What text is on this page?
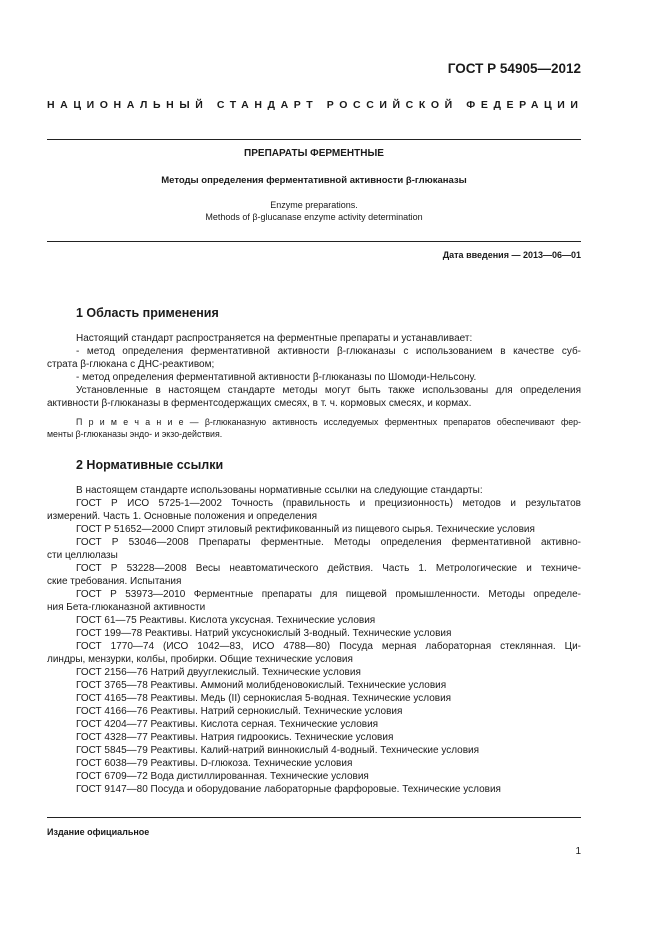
ГОСТ Р 54905—2012
НАЦИОНАЛЬНЫЙ СТАНДАРТ РОССИЙСКОЙ ФЕДЕРАЦИИ
ПРЕПАРАТЫ ФЕРМЕНТНЫЕ
Методы определения ферментативной активности β-глюканазы
Enzyme preparations.
Methods of β-glucanase enzyme activity determination
Дата введения — 2013—06—01
1 Область применения
Настоящий стандарт распространяется на ферментные препараты и устанавливает:
- метод определения ферментативной активности β-глюканазы с использованием в качестве суб-
страта β-глюкана с ДНС-реактивом;
- метод определения ферментативной активности β-глюканазы по Шомоди-Нельсону.
Установленные в настоящем стандарте методы могут быть также использованы для определения
активности β-глюканазы в ферментсодержащих смесях, в т. ч. кормовых смесях, и кормах.
П р и м е ч а н и е — β-глюканазную активность исследуемых ферментных препаратов обеспечивают фер-
менты β-глюканазы эндо- и экзо-действия.
2 Нормативные ссылки
В настоящем стандарте использованы нормативные ссылки на следующие стандарты:
ГОСТ Р ИСО 5725-1—2002 Точность (правильность и прецизионность) методов и результатов
измерений. Часть 1. Основные положения и определения
ГОСТ Р 51652—2000 Спирт этиловый ректификованный из пищевого сырья. Технические условия
ГОСТ Р 53046—2008 Препараты ферментные. Методы определения ферментативной активно-
сти целлюлазы
ГОСТ Р 53228—2008 Весы неавтоматического действия. Часть 1. Метрологические и техниче-
ские требования. Испытания
ГОСТ Р 53973—2010 Ферментные препараты для пищевой промышленности. Методы определе-
ния Бета-глюканазной активности
ГОСТ 61—75 Реактивы. Кислота уксусная. Технические условия
ГОСТ 199—78 Реактивы. Натрий уксуснокислый 3-водный. Технические условия
ГОСТ 1770—74 (ИСО 1042—83, ИСО 4788—80) Посуда мерная лабораторная стеклянная. Ци-
линдры, мензурки, колбы, пробирки. Общие технические условия
ГОСТ 2156—76 Натрий двууглекислый. Технические условия
ГОСТ 3765—78 Реактивы. Аммоний молибденовокислый. Технические условия
ГОСТ 4165—78 Реактивы. Медь (II) сернокислая 5-водная. Технические условия
ГОСТ 4166—76 Реактивы. Натрий сернокислый. Технические условия
ГОСТ 4204—77 Реактивы. Кислота серная. Технические условия
ГОСТ 4328—77 Реактивы. Натрия гидроокись. Технические условия
ГОСТ 5845—79 Реактивы. Калий-натрий виннокислый 4-водный. Технические условия
ГОСТ 6038—79 Реактивы. D-глюкоза. Технические условия
ГОСТ 6709—72 Вода дистиллированная. Технические условия
ГОСТ 9147—80 Посуда и оборудование лабораторные фарфоровые. Технические условия
Издание официальное
1
